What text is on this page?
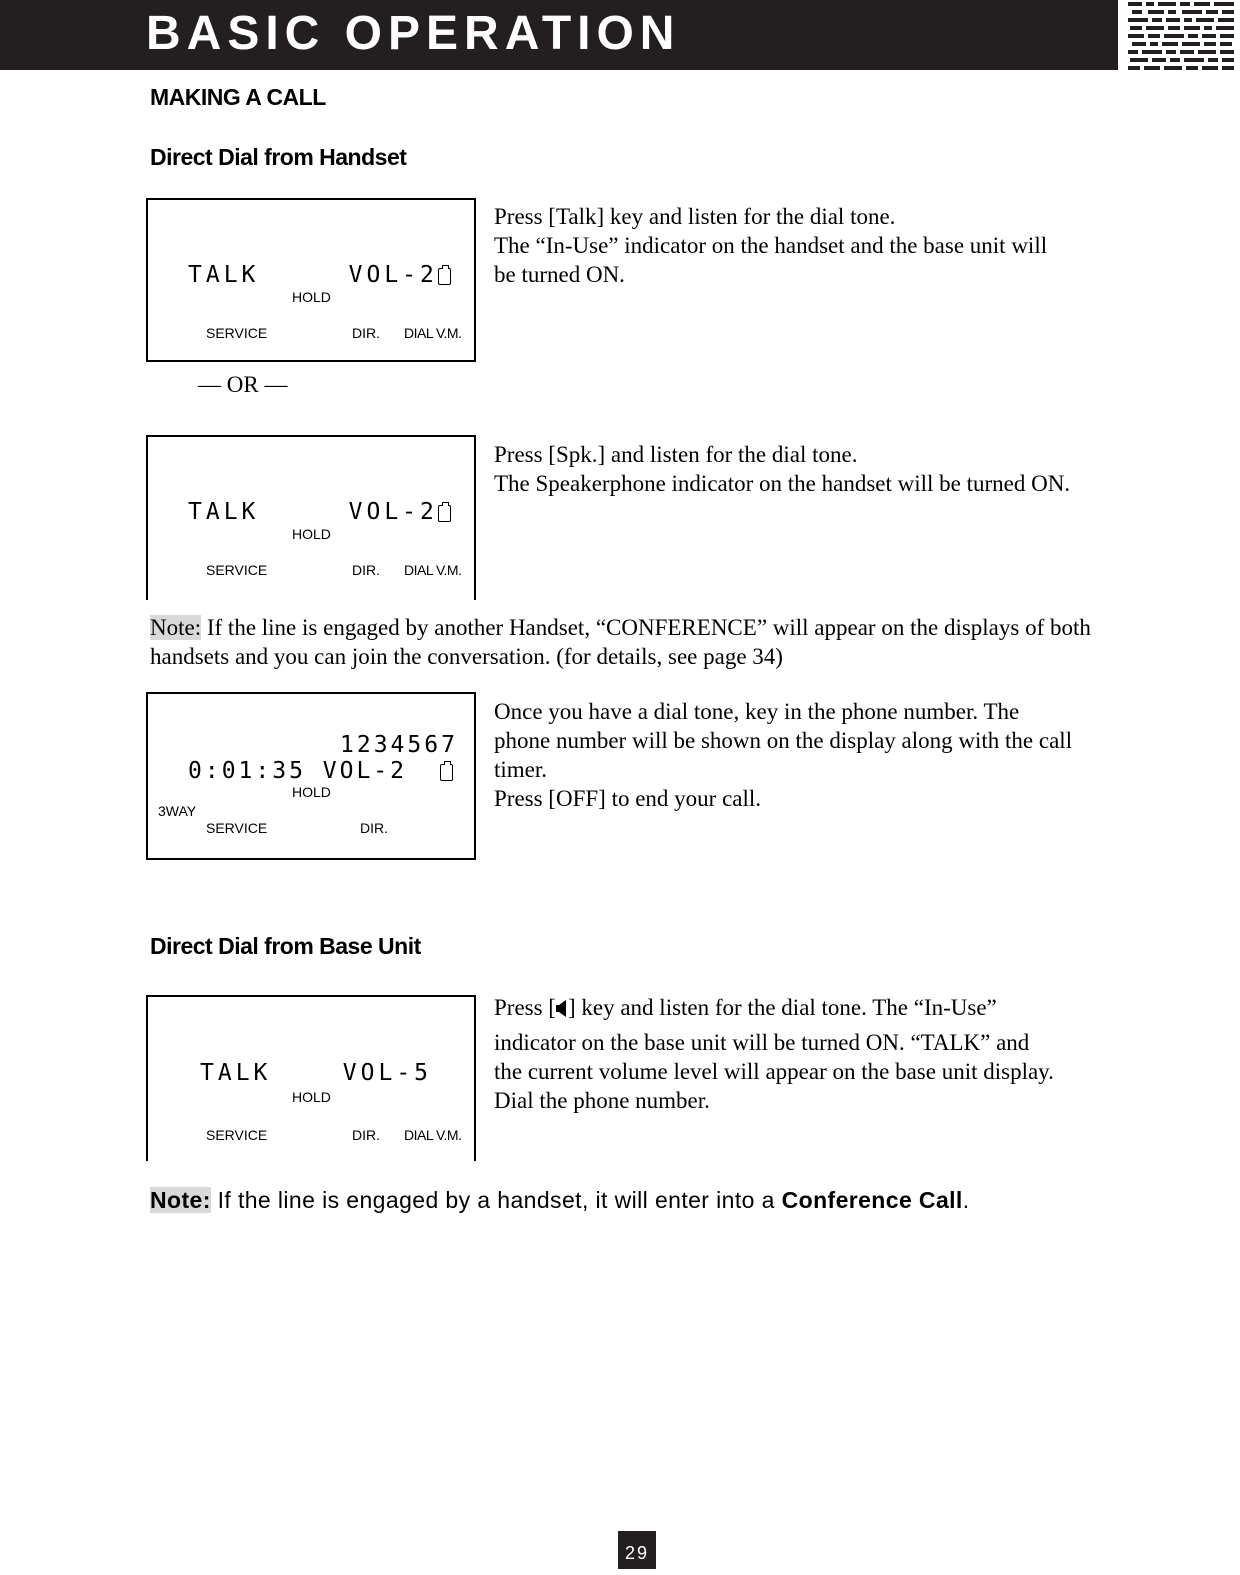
BASIC OPERATION
MAKING A CALL
Direct Dial from Handset
TALK     VOL-2
HOLD
SERVICE	DIR. DIAL V.M.

Press [Talk] key and listen for the dial tone.

The “In-Use” indicator on the handset and the base unit will

be turned ON.

— OR —
TALK     VOL-2
HOLD
SERVICE	DIR. DIAL V.M.

Press [Spk.] and listen for the dial tone.

The Speakerphone indicator on the handset will be turned ON.

Note: If the line is engaged by another Handset, “CONFERENCE” will appear on the displays of both handsets and you can join the conversation. (for details, see page 34)
1234567
0:01:35 VOL-2
HOLD
3WAY
SERVICE	DIR.

Once you have a dial tone, key in the phone number. The

phone number will be shown on the display along with the call

timer.

Press [OFF] to end your call.

Direct Dial from Base Unit
TALK    VOL-5
HOLD
SERVICE	DIR. DIAL V.M.

Press [ ] key and listen for the dial tone. The “In-Use”

indicator on the base unit will be turned ON. “TALK” and

the current volume level will appear on the base unit display.

Dial the phone number.

Note: If the line is engaged by a handset, it will enter into a Conference Call.
29
